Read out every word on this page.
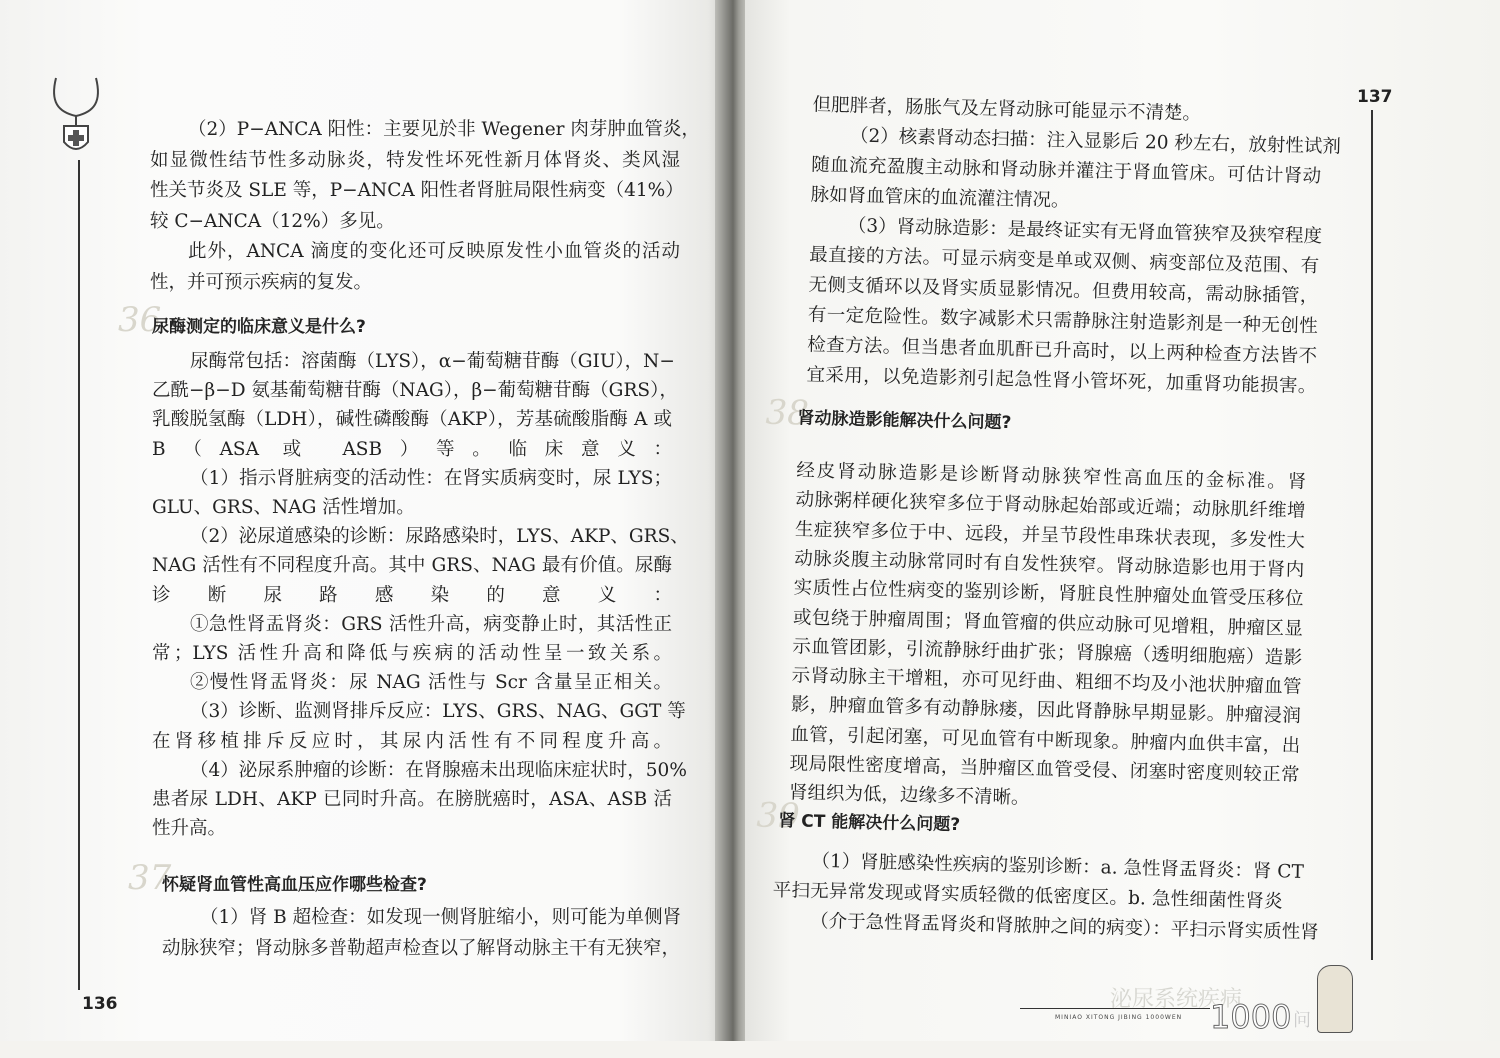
136
（2）P−ANCA 阳性：主要见於非 Wegener 肉芽肿血管炎，
如显微性结节性多动脉炎，特发性坏死性新月体肾炎、类风湿
性关节炎及 SLE 等，P−ANCA 阳性者肾脏局限性病变（41%）
较 C−ANCA（12%）多见。
此外，ANCA 滴度的变化还可反映原发性小血管炎的活动
性，并可预示疾病的复发。
36
尿酶测定的临床意义是什么?
尿酶常包括：溶菌酶（LYS），α−葡萄糖苷酶（GIU），N−
乙酰−β−D 氨基葡萄糖苷酶（NAG），β−葡萄糖苷酶（GRS），
乳酸脱氢酶（LDH），碱性磷酸酶（AKP），芳基硫酸脂酶 A 或
B（ASA 或 ASB）等。临床意义：
（1）指示肾脏病变的活动性：在肾实质病变时，尿 LYS；
GLU、GRS、NAG 活性增加。
（2）泌尿道感染的诊断：尿路感染时，LYS、AKP、GRS、
NAG 活性有不同程度升高。其中 GRS、NAG 最有价值。尿酶
诊断尿路感染的意义：
①急性肾盂肾炎：GRS 活性升高，病变静止时，其活性正
常；LYS 活性升高和降低与疾病的活动性呈一致关系。
②慢性肾盂肾炎：尿 NAG 活性与 Scr 含量呈正相关。
（3）诊断、监测肾排斥反应：LYS、GRS、NAG、GGT 等
在肾移植排斥反应时，其尿内活性有不同程度升高。
（4）泌尿系肿瘤的诊断：在肾腺癌未出现临床症状时，50%
患者尿 LDH、AKP 已同时升高。在膀胱癌时，ASA、ASB 活
性升高。
37
怀疑肾血管性高血压应作哪些检查?
（1）肾 B 超检查：如发现一侧肾脏缩小，则可能为单侧肾
动脉狭窄；肾动脉多普勒超声检查以了解肾动脉主干有无狭窄，
137
但肥胖者，肠胀气及左肾动脉可能显示不清楚。
（2）核素肾动态扫描：注入显影后 20 秒左右，放射性试剂
随血流充盈腹主动脉和肾动脉并灌注于肾血管床。可估计肾动
脉如肾血管床的血流灌注情况。
（3）肾动脉造影：是最终证实有无肾血管狭窄及狭窄程度
最直接的方法。可显示病变是单或双侧、病变部位及范围、有
无侧支循环以及肾实质显影情况。但费用较高，需动脉插管，
有一定危险性。数字减影术只需静脉注射造影剂是一种无创性
检查方法。但当患者血肌酐已升高时，以上两种检查方法皆不
宜采用，以免造影剂引起急性肾小管坏死，加重肾功能损害。
38
肾动脉造影能解决什么问题?
经皮肾动脉造影是诊断肾动脉狭窄性高血压的金标准。肾
动脉粥样硬化狭窄多位于肾动脉起始部或近端；动脉肌纤维增
生症狭窄多位于中、远段，并呈节段性串珠状表现，多发性大
动脉炎腹主动脉常同时有自发性狭窄。肾动脉造影也用于肾内
实质性占位性病变的鉴别诊断，肾脏良性肿瘤处血管受压移位
或包绕于肿瘤周围；肾血管瘤的供应动脉可见增粗，肿瘤区显
示血管团影，引流静脉纡曲扩张；肾腺癌（透明细胞癌）造影
示肾动脉主干增粗，亦可见纡曲、粗细不均及小池状肿瘤血管
影，肿瘤血管多有动静脉瘘，因此肾静脉早期显影。肿瘤浸润
血管，引起闭塞，可见血管有中断现象。肿瘤内血供丰富，出
现局限性密度增高，当肿瘤区血管受侵、闭塞时密度则较正常
肾组织为低，边缘多不清晰。
39
肾 CT 能解决什么问题?
（1）肾脏感染性疾病的鉴别诊断：a. 急性肾盂肾炎：肾 CT
平扫无异常发现或肾实质轻微的低密度区。b. 急性细菌性肾炎
（介于急性肾盂肾炎和肾脓肿之间的病变）：平扫示肾实质性肾
泌尿系统疾病
MINIAO XITONG JIBING 1000WEN 1000 问
